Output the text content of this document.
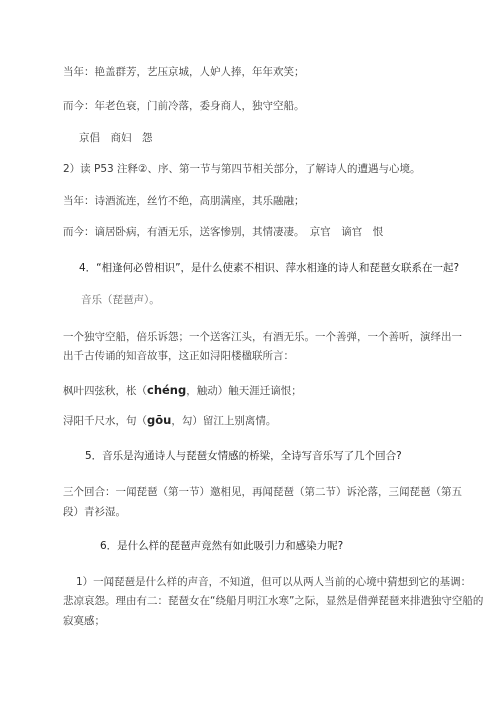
当年：艳盖群芳，艺压京城，人妒人捧，年年欢笑；
而今：年老色衰，门前冷落，委身商人，独守空船。
京倡　商妇　怨
2）读 P53 注释②、序、第一节与第四节相关部分，了解诗人的遭遇与心境。
当年：诗酒流连，丝竹不绝，高朋满座，其乐融融；
而今：谪居卧病，有酒无乐，送客惨别，其情凄凄。　京官　谪官　恨
4．“相逢何必曾相识”，是什么使素不相识、萍水相逢的诗人和琵琶女联系在一起?
音乐（琵琶声）。
一个独守空船，倍乐诉怨；一个送客江头，有酒无乐。一个善弹，一个善听，演绎出一
出千古传诵的知音故事，这正如浔阳楼楹联所言：
枫叶四弦秋，枨（chéng，触动）触天涯迁谪恨；
浔阳千尺水，句（gōu，勾）留江上别离情。
5．音乐是沟通诗人与琵琶女情感的桥梁，全诗写音乐写了几个回合?
三个回合：一闻琵琶（第一节）邀相见，再闻琵琶（第二节）诉沦落，三闻琵琶（第五
段）青衫湿。
6．是什么样的琵琶声竟然有如此吸引力和感染力呢?
1）一闻琵琶是什么样的声音，不知道，但可以从两人当前的心境中猜想到它的基调：
悲凉哀怨。理由有二：琵琶女在“绕船月明江水寒”之际，显然是借弹琵琶来排遣独守空船的
寂寞感；
